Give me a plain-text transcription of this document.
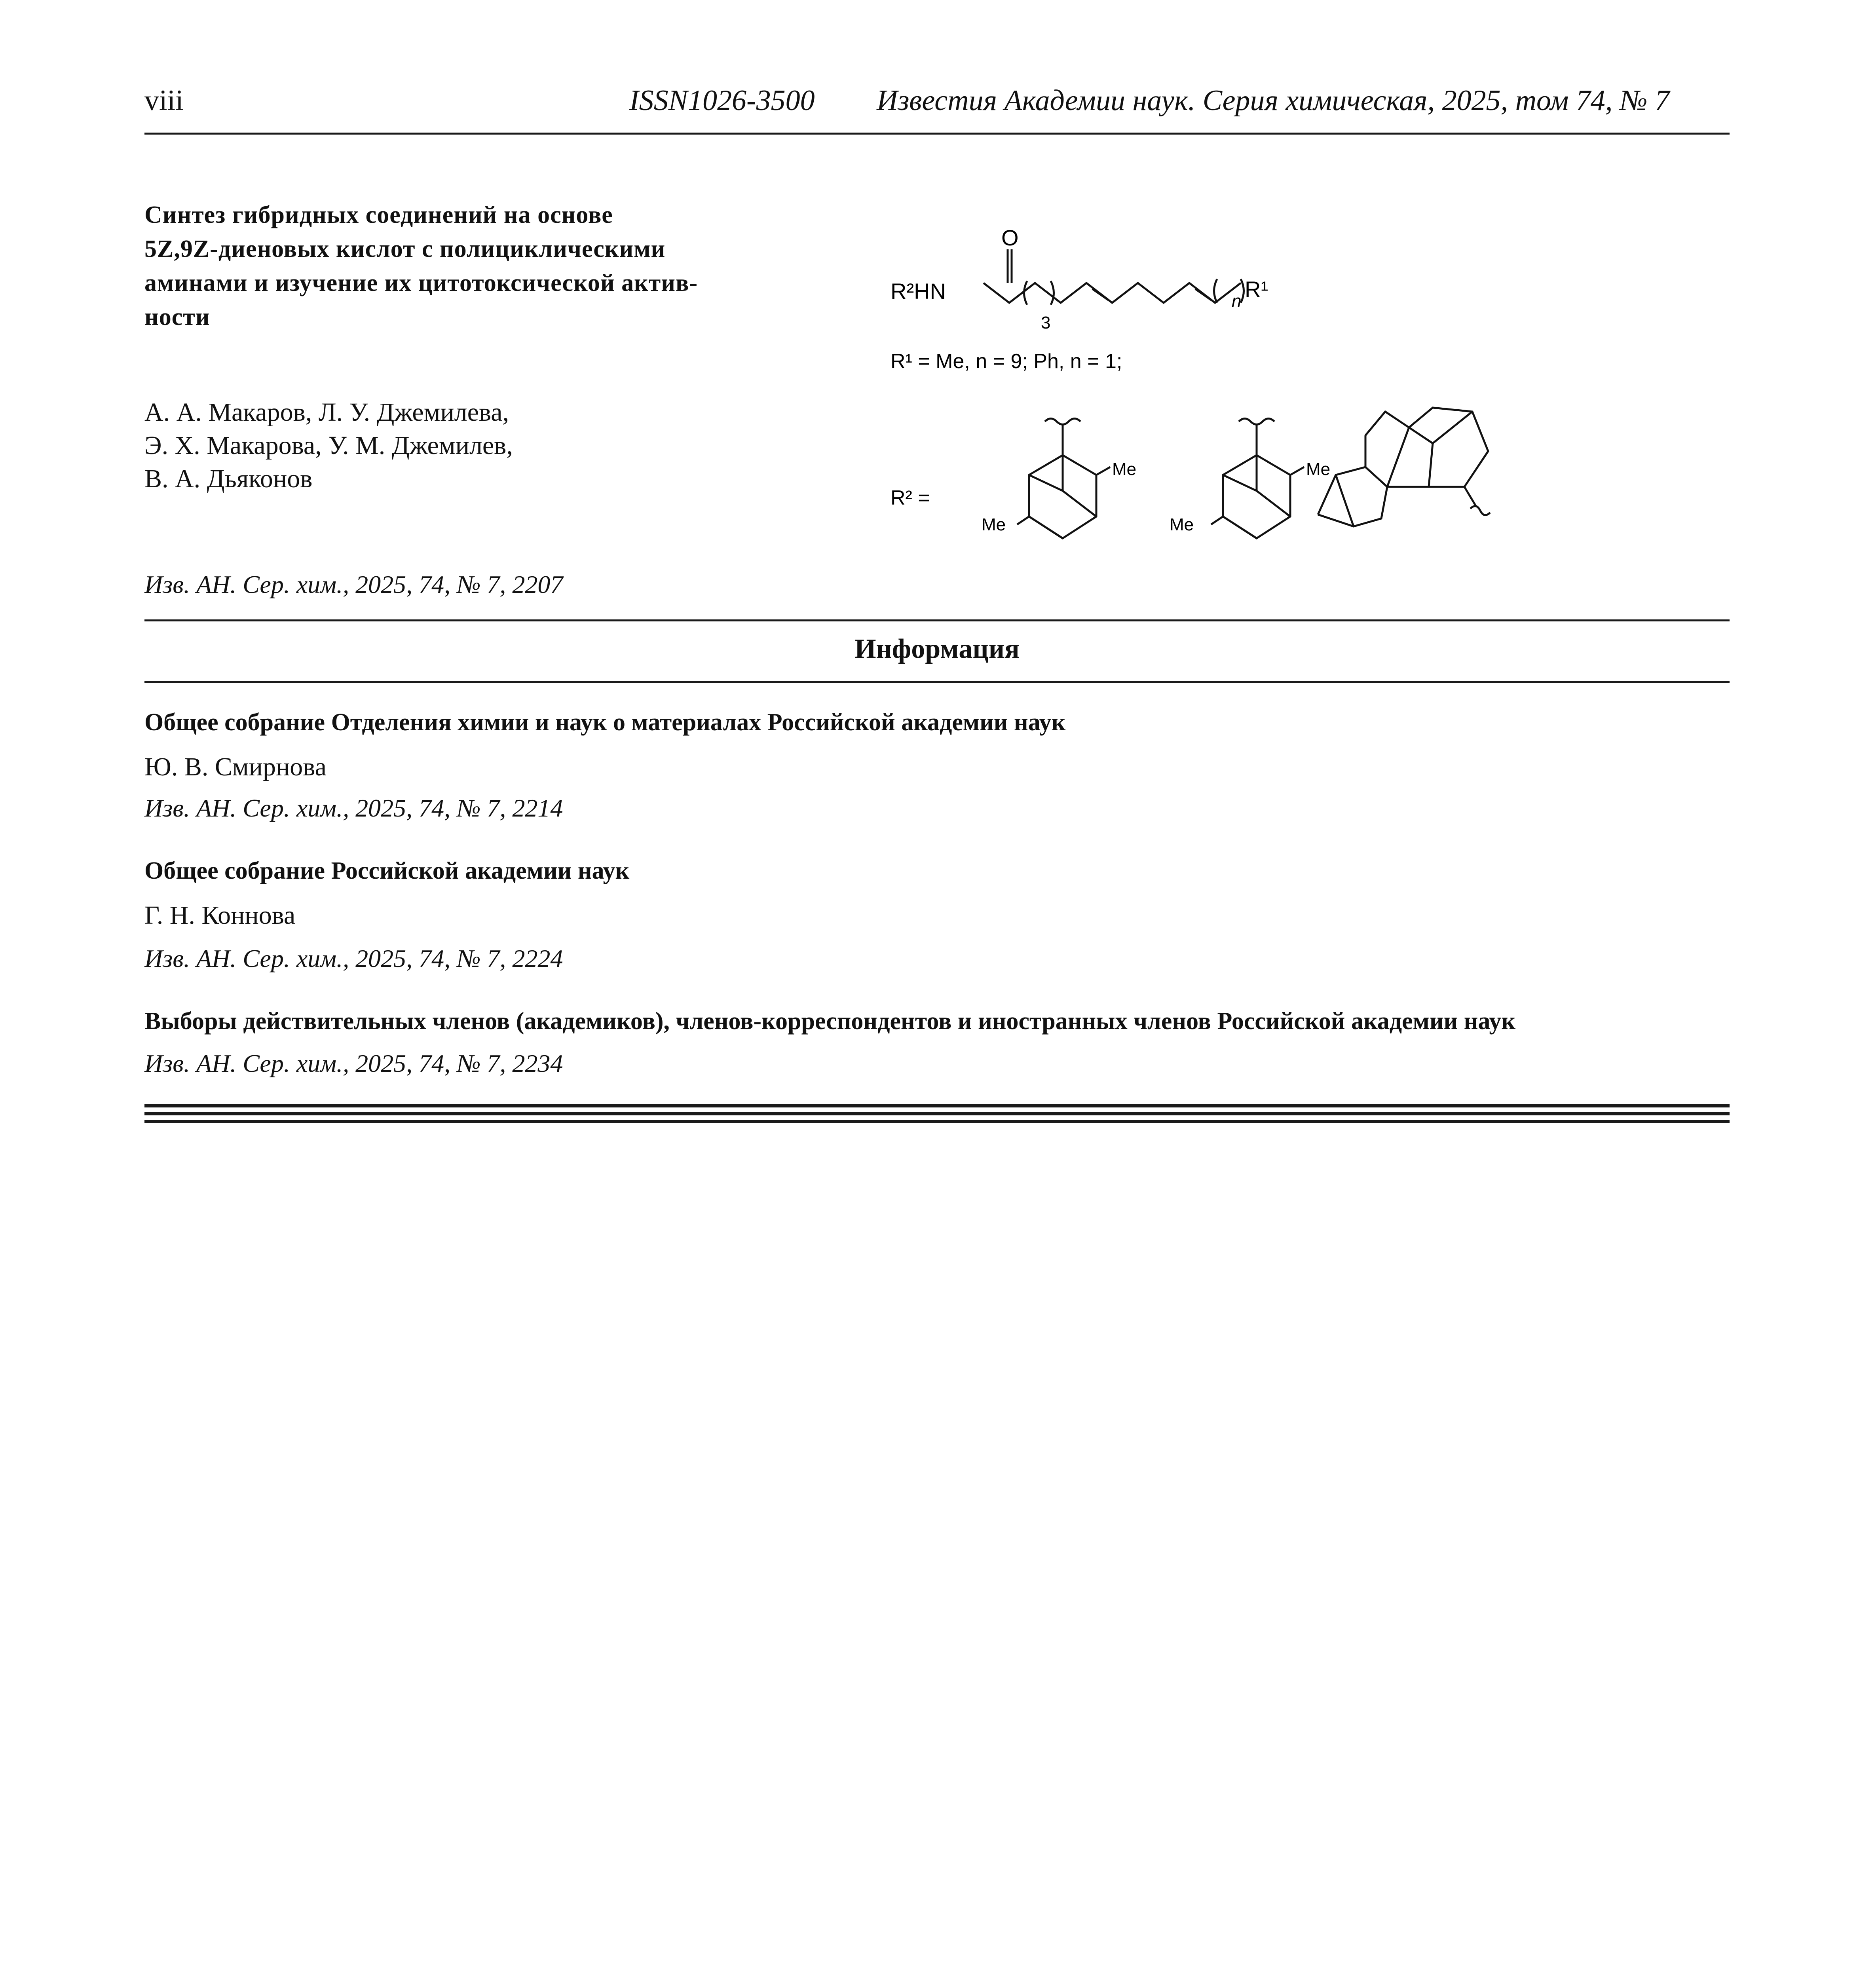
viii	ISSN1026-3500 Известия Академии наук. Серия химическая, 2025, том 74, № 7
Синтез гибридных соединений на основе
5Z,9Z-диеновых кислот с полициклическими
аминами и изучение их цитотоксической актив-
ности
А. А. Макаров, Л. У. Джемилева,
Э. Х. Макарова, У. М. Джемилев,
В. А. Дьяконов
Изв. АН. Сер. хим., 2025, 74, № 7, 2207
O
R²HN
3
n R¹
R¹ = Me, n = 9; Ph, n = 1;
R² =
Me
Me
Me
Me
Информация
Общее собрание Отделения химии и наук о материалах Российской академии наук
Ю. В. Смирнова
Изв. АН. Сер. хим., 2025, 74, № 7, 2214
Общее собрание Российской академии наук
Г. Н. Коннова
Изв. АН. Сер. хим., 2025, 74, № 7, 2224
Выборы действительных членов (академиков), членов-корреспондентов и иностранных членов Российской академии наук
Изв. АН. Сер. хим., 2025, 74, № 7, 2234
